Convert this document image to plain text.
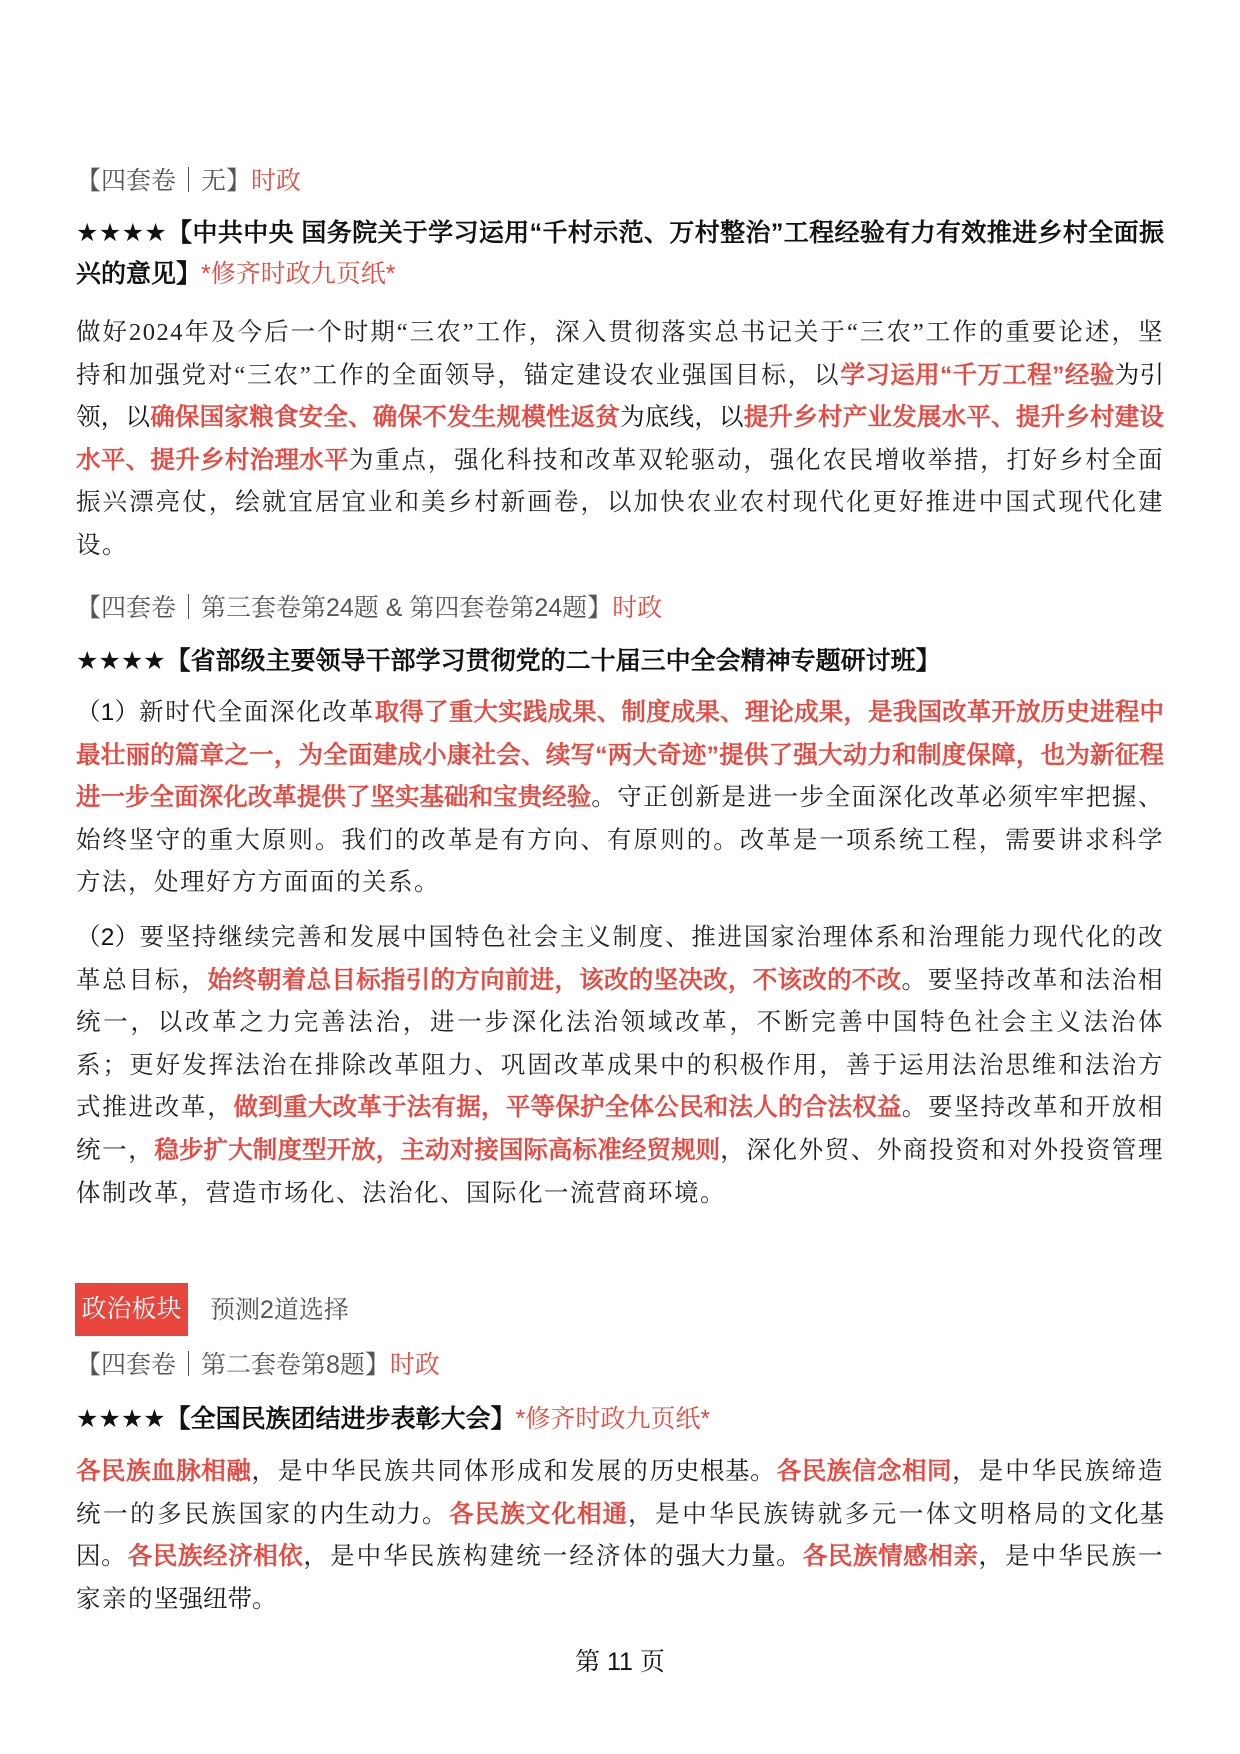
【四套卷｜无】时政
★★★★【中共中央 国务院关于学习运用“千村示范、万村整治”工程经验有力有效推进乡村全面振兴的意见】*修齐时政九页纸*
做好2024年及今后一个时期“三农”工作，深入贯彻落实总书记关于“三农”工作的重要论述，坚持和加强党对“三农”工作的全面领导，锚定建设农业强国目标，以学习运用“千万工程”经验为引领，以确保国家粮食安全、确保不发生规模性返贫为底线，以提升乡村产业发展水平、提升乡村建设水平、提升乡村治理水平为重点，强化科技和改革双轮驱动，强化农民增收举措，打好乡村全面振兴漂亮仗，绘就宜居宜业和美乡村新画卷，以加快农业农村现代化更好推进中国式现代化建设。
【四套卷｜第三套卷第24题 & 第四套卷第24题】时政
★★★★【省部级主要领导干部学习贯彻党的二十届三中全会精神专题研讨班】
（1）新时代全面深化改革取得了重大实践成果、制度成果、理论成果，是我国改革开放历史进程中最壮丽的篇章之一，为全面建成小康社会、续写“两大奇迹”提供了强大动力和制度保障，也为新征程进一步全面深化改革提供了坚实基础和宝贵经验。守正创新是进一步全面深化改革必须牢牢把握、始终坚守的重大原则。我们的改革是有方向、有原则的。改革是一项系统工程，需要讲求科学方法，处理好方方面面的关系。
（2）要坚持继续完善和发展中国特色社会主义制度、推进国家治理体系和治理能力现代化的改革总目标，始终朝着总目标指引的方向前进，该改的坚决改，不该改的不改。要坚持改革和法治相统一，以改革之力完善法治，进一步深化法治领域改革，不断完善中国特色社会主义法治体系；更好发挥法治在排除改革阻力、巩固改革成果中的积极作用，善于运用法治思维和法治方式推进改革，做到重大改革于法有据，平等保护全体公民和法人的合法权益。要坚持改革和开放相统一，稳步扩大制度型开放，主动对接国际高标准经贸规则，深化外贸、外商投资和对外投资管理体制改革，营造市场化、法治化、国际化一流营商环境。
政治板块 预测2道选择
【四套卷｜第二套卷第8题】时政
★★★★【全国民族团结进步表彰大会】*修齐时政九页纸*
各民族血脉相融，是中华民族共同体形成和发展的历史根基。各民族信念相同，是中华民族缔造统一的多民族国家的内生动力。各民族文化相通，是中华民族铸就多元一体文明格局的文化基因。各民族经济相依，是中华民族构建统一经济体的强大力量。各民族情感相亲，是中华民族一家亲的坚强纽带。
第 11 页
